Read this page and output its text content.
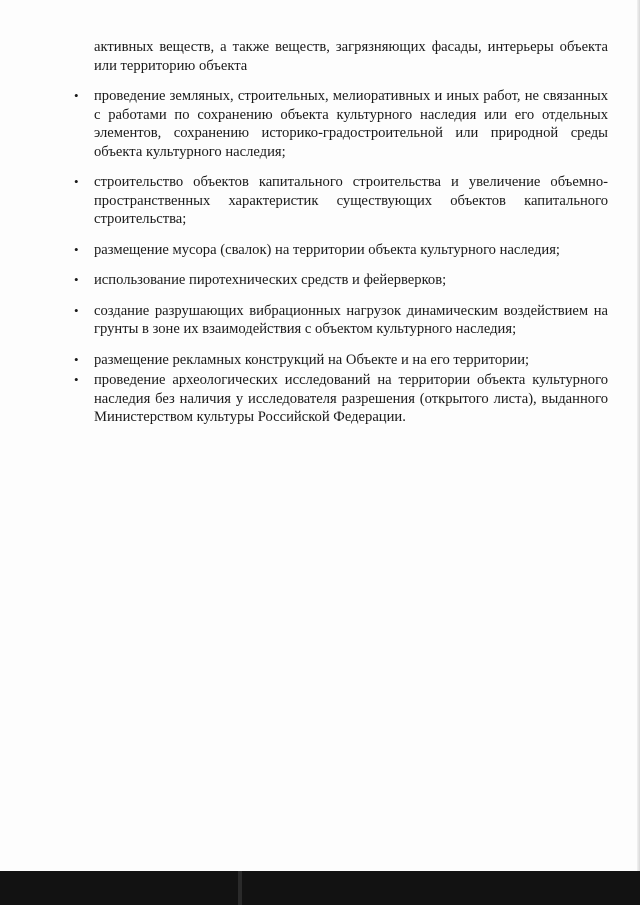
активных веществ, а также веществ, загрязняющих фасады, интерьеры объекта или территорию объекта

• проведение земляных, строительных, мелиоративных и иных работ, не связанных с работами по сохранению объекта культурного наследия или его отдельных элементов, сохранению историко-градостроительной или природной среды объекта культурного наследия;
• строительство объектов капитального строительства и увеличение объемно-пространственных характеристик существующих объектов капитального строительства;
• размещение мусора (свалок) на территории объекта культурного наследия;
• использование пиротехнических средств и фейерверков;
• создание разрушающих вибрационных нагрузок динамическим воздействием на грунты в зоне их взаимодействия с объектом культурного наследия;
• размещение рекламных конструкций на Объекте и на его территории;
• проведение археологических исследований на территории объекта культурного наследия без наличия у исследователя разрешения (открытого листа), выданного Министерством культуры Российской Федерации.
